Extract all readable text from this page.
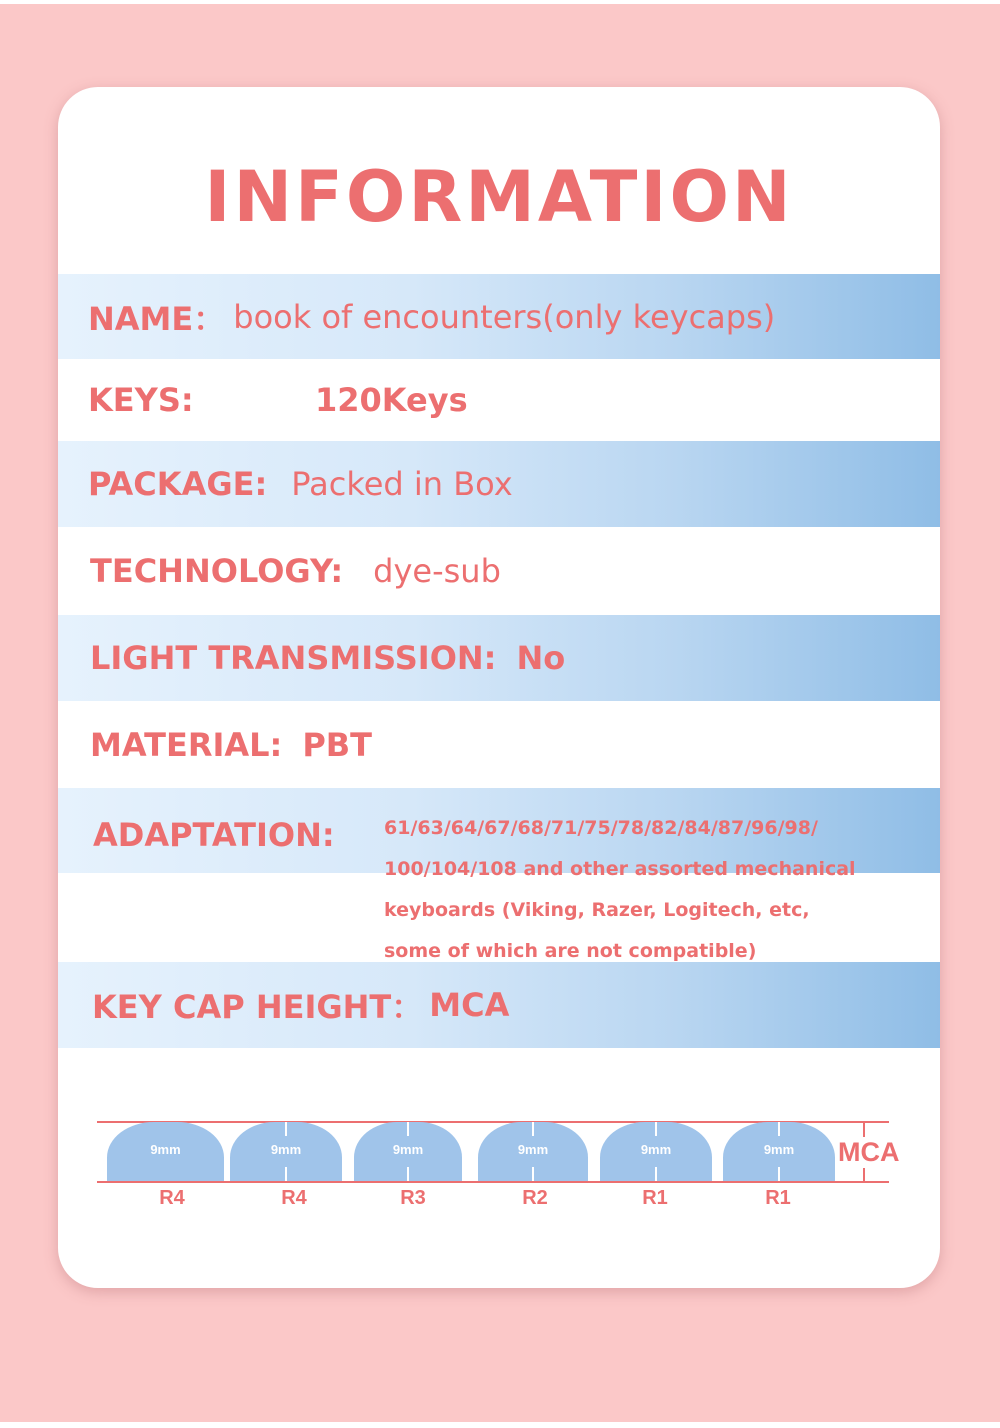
INFORMATION
NAME： book of encounters(only keycaps)
KEYS:	120Keys
PACKAGE: Packed in Box
TECHNOLOGY: dye-sub
LIGHT TRANSMISSION: No
MATERIAL: PBT
ADAPTATION:	61/63/64/67/68/71/75/78/82/84/87/96/98/
100/104/108 and other assorted mechanical
keyboards (Viking, Razer, Logitech, etc,
some of which are not compatible)
KEY CAP HEIGHT： MCA
9mm	9mm	9mm	9mm	9mm	9mm	MCA
R4	R4	R3	R2	R1	R1
